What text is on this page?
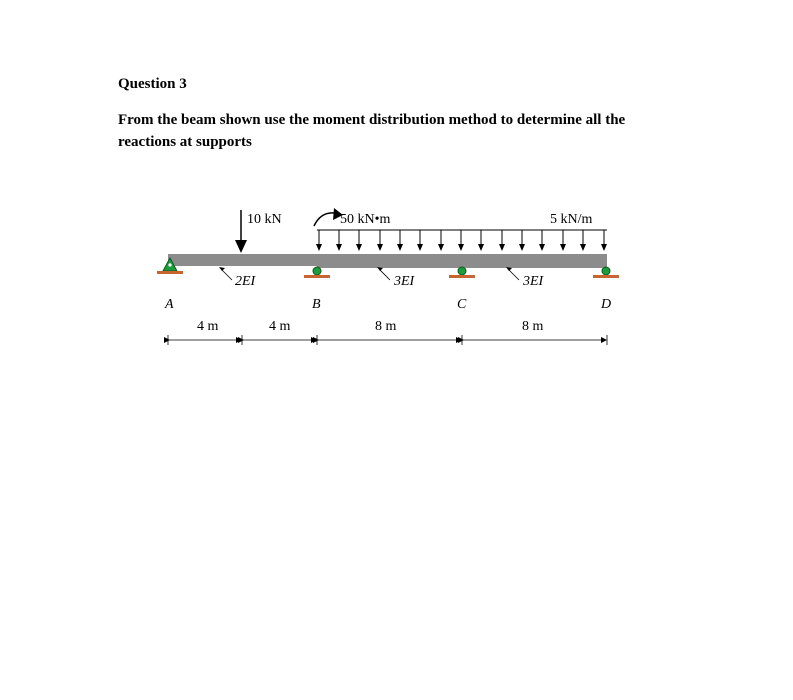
Question 3

From the beam shown use the moment distribution method to determine all the
reactions at supports

10 kN	50 kN•m	5 kN/m
2EI	3EI	3EI
A	B	C	D
4 m	4 m	8 m	8 m
